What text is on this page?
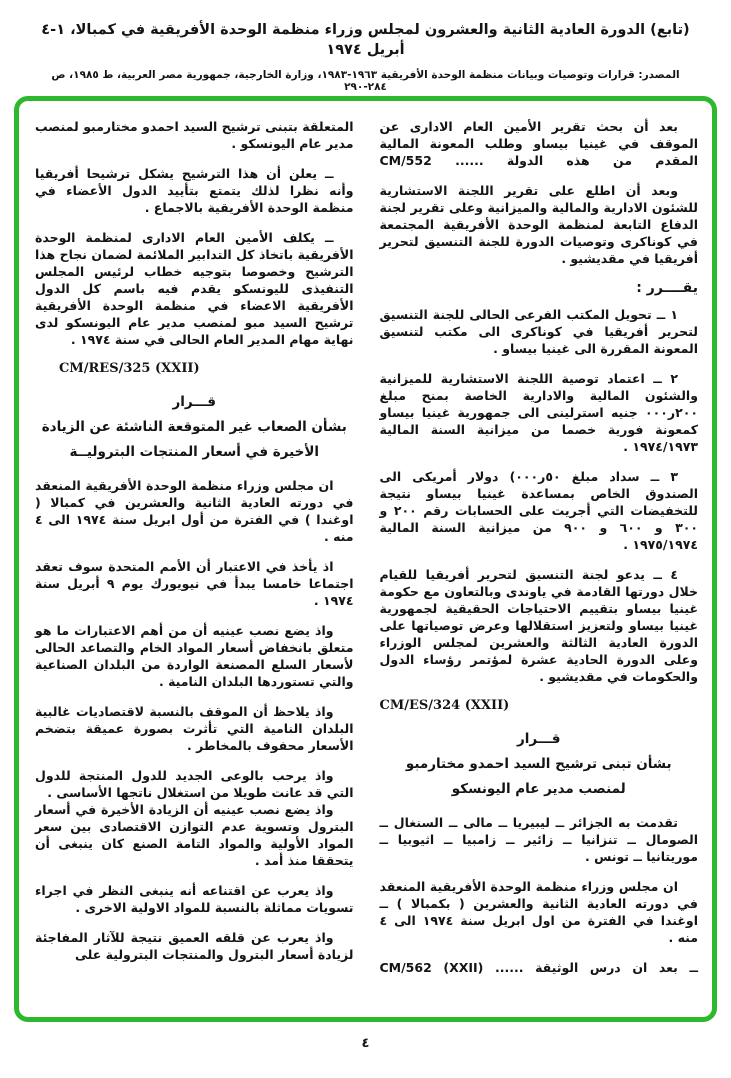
(تابع) الدورة العادية الثانية والعشرون لمجلس وزراء منظمة الوحدة الأفريقية في كمبالا، ١-٤ أبريل ١٩٧٤
المصدر: قرارات وتوصيات وبيانات منظمة الوحدة الأفريقية ١٩٦٣-١٩٨٣، وزارة الخارجية، جمهورية مصر العربية، ط ١٩٨٥، ص ٢٨٤-٢٩٠

بعد أن بحث تقرير الأمين العام الادارى عن الموقف في غينيا بيساو وطلب المعونة المالية المقدم من هذه الدولة ...... CM/552

وبعد أن اطلع على تقرير اللجنة الاستشارية للشئون الادارية والمالية والميزانية وعلى تقرير لجنة الدفاع التابعة لمنظمة الوحدة الأفريقية المجتمعة في كوناكرى وتوصيات الدورة للجنة التنسيق لتحرير أفريقيا في مقديشيو .

يقــــرر :

١ ــ تحويل المكتب الفرعى الحالى للجنة التنسيق لتحرير أفريقيا في كوناكرى الى مكتب لتنسيق المعونة المقررة الى غينيا بيساو .

٢ ــ اعتماد توصية اللجنة الاستشارية للميزانية والشئون المالية والادارية الخاصة بمنح مبلغ ٢٠٠ر٠٠٠ جنيه استرلينى الى جمهورية غينيا بيساو كمعونة فورية خصما من ميزانية السنة المالية ١٩٧٤/١٩٧٣ .

٣ ــ سداد مبلغ ٥٠ر٠٠٠) دولار أمريكى الى الصندوق الخاص بمساعدة غينيا بيساو نتيجة للتخفيضات التي أجريت على الحسابات رقم ٢٠٠ و ٣٠٠ و ٦٠٠ و ٩٠٠ من ميزانية السنة المالية ١٩٧٥/١٩٧٤ .

٤ ــ يدعو لجنة التنسيق لتحرير أفريقيا للقيام خلال دورتها القادمة في ياوندى وبالتعاون مع حكومة غينيا بيساو بتقييم الاحتياجات الحقيقية لجمهورية غينيا بيساو ولتعزيز استقلالها وعرض توصياتها على الدورة العادية الثالثة والعشرين لمجلس الوزراء وعلى الدورة الحادية عشرة لمؤتمر رؤساء الدول والحكومات في مقديشيو .

CM/ES/324 (XXII)

قـــرار

بشأن تبنى ترشيح السيد احمدو مختارمبو

لمنصب مدير عام اليونسكو

تقدمت به الجزائر ــ ليبيريا ــ مالى ــ السنغال ــ الصومال ــ تنزانيا ــ زائير ــ زامبيا ــ اثيوبيا ــ موريتانيا ــ تونس .

ان مجلس وزراء منظمة الوحدة الأفريقية المنعقد في دورته العادية الثانية والعشرين ( بكمبالا ) ــ اوغندا في الفترة من اول ابريل سنة ١٩٧٤ الى ٤ منه .

ــ بعد ان درس الوثيقة ...... CM/562 (XXII)

المتعلقة بتبنى ترشيح السيد احمدو مختارمبو لمنصب مدير عام اليونسكو .

ــ يعلن أن هذا الترشيح يشكل ترشيحا أفريقيا وأنه نظرا لذلك يتمتع بتأييد الدول الأعضاء في منظمة الوحدة الأفريقية بالاجماع .

ــ يكلف الأمين العام الادارى لمنظمة الوحدة الأفريقية باتخاذ كل التدابير الملائمة لضمان نجاح هذا الترشيح وخصوصا بتوجيه خطاب لرئيس المجلس التنفيذى لليونسكو يقدم فيه باسم كل الدول الأفريقية الاعضاء في منظمة الوحدة الأفريقية ترشيح السيد مبو لمنصب مدير عام اليونسكو لدى نهاية مهام المدير العام الحالى في سنة ١٩٧٤ .

CM/RES/325 (XXII)

قـــرار

بشأن الصعاب غير المتوقعة الناشئة عن الزيادة

الأخيرة في أسعار المنتجات البتروليــة

ان مجلس وزراء منظمة الوحدة الأفريقية المنعقد في دورته العادية الثانية والعشرين في كمبالا ( اوغندا ) في الفترة من أول ابريل سنة ١٩٧٤ الى ٤ منه .

اذ يأخذ في الاعتبار أن الأمم المتحدة سوف تعقد اجتماعا خامسا يبدأ في نيويورك يوم ٩ أبريل سنة ١٩٧٤ .

واذ يضع نصب عينيه أن من أهم الاعتبارات ما هو متعلق بانخفاض أسعار المواد الخام والتصاعد الحالى لأسعار السلع المصنعة الواردة من البلدان الصناعية والتي تستوردها البلدان النامية .

واذ يلاحظ أن الموقف بالنسبة لاقتصاديات غالبية البلدان النامية التي تأثرت بصورة عميقة بتضخم الأسعار محفوف بالمخاطر .

واذ يرحب بالوعى الجديد للدول المنتجة للدول التي قد عانت طويلا من استغلال ناتجها الأساسى .

واذ يضع نصب عينيه أن الزيادة الأخيرة في أسعار البترول وتسوية عدم التوازن الاقتصادى بين سعر المواد الأولية والمواد التامة الصنع كان ينبغى أن يتحققا منذ أمد .

واذ يعرب عن اقتناعه أنه ينبغى النظر في اجراء تسويات مماثلة بالنسبة للمواد الاولية الاخرى .

واذ يعرب عن قلقه العميق نتيجة للآثار المفاجئة لزيادة أسعار البترول والمنتجات البترولية على

٤
